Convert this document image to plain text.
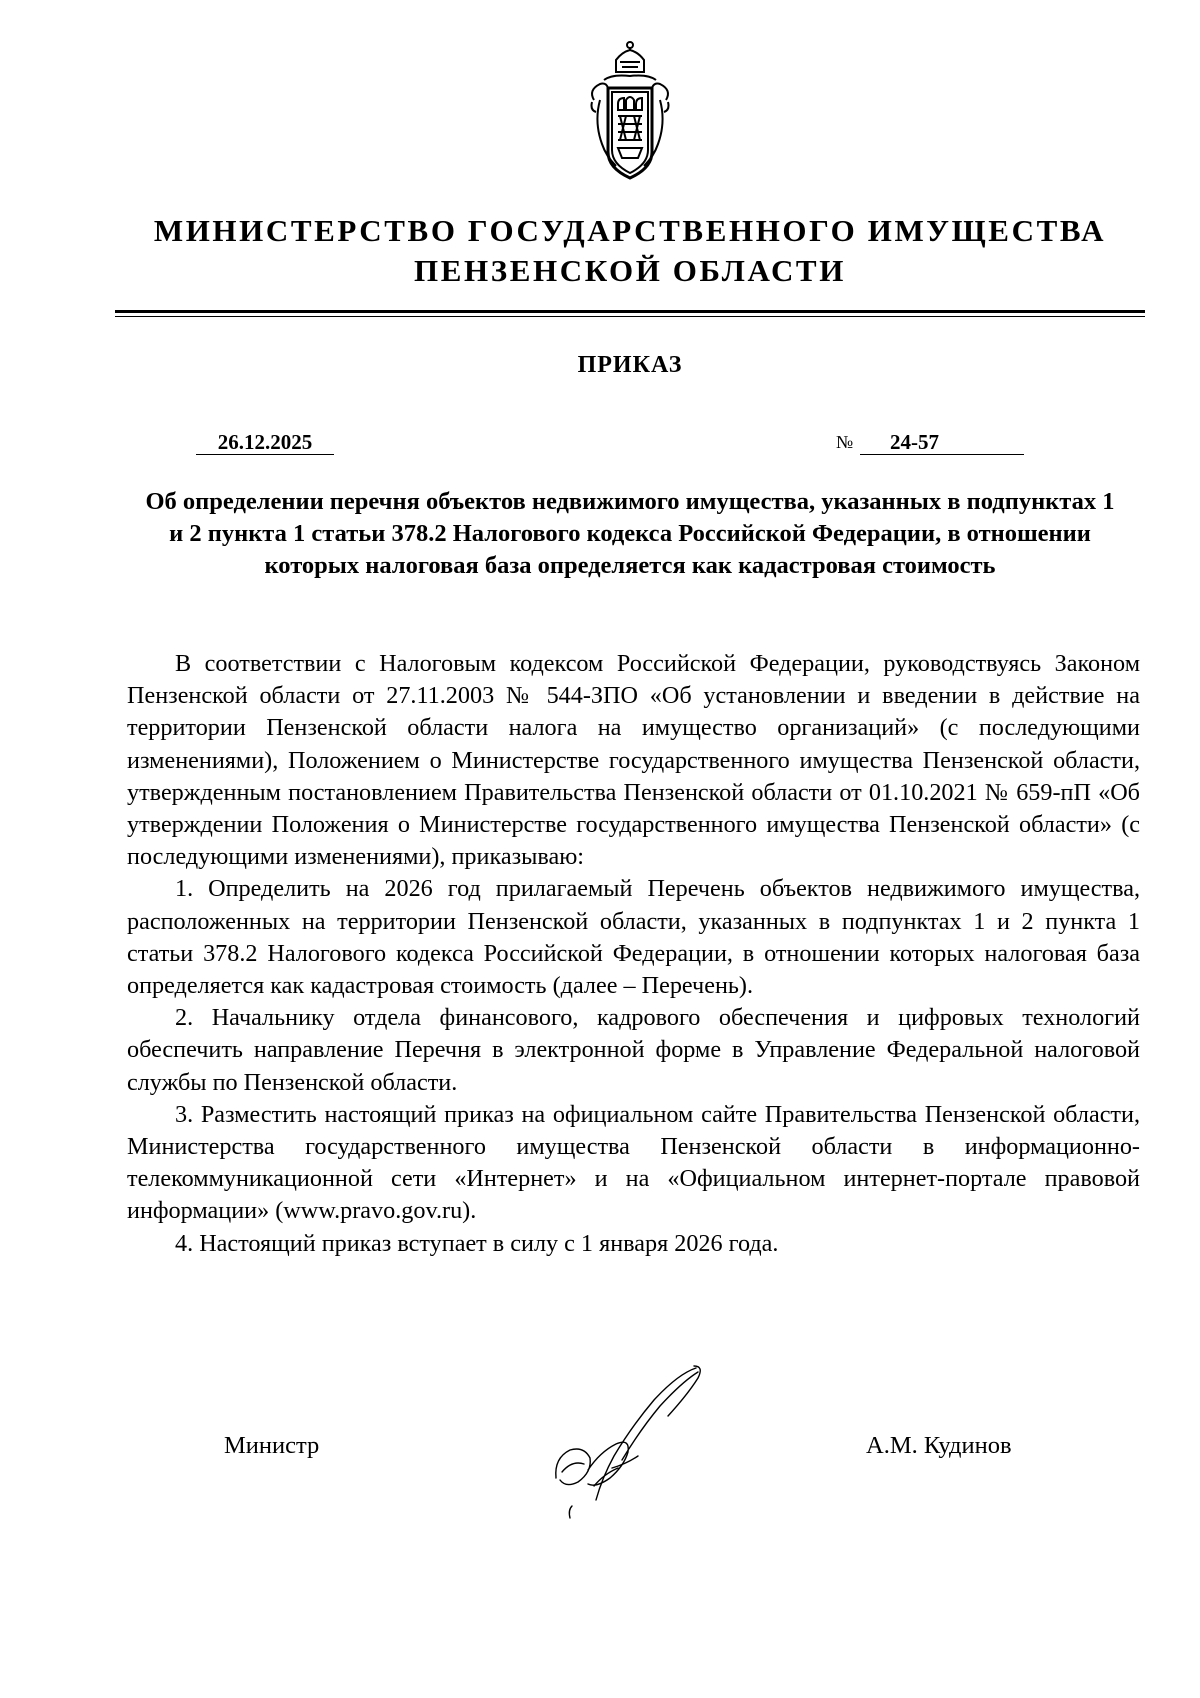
МИНИСТЕРСТВО ГОСУДАРСТВЕННОГО ИМУЩЕСТВА
ПЕНЗЕНСКОЙ ОБЛАСТИ
ПРИКАЗ
26.12.2025	№	24-57
Об определении перечня объектов недвижимого имущества, указанных в подпунктах 1 и 2 пункта 1 статьи 378.2 Налогового кодекса Российской Федерации, в отношении которых налоговая база определяется как кадастровая стоимость

В соответствии с Налоговым кодексом Российской Федерации, руководствуясь Законом Пензенской области от 27.11.2003 № 544-ЗПО «Об установлении и введении в действие на территории Пензенской области налога на имущество организаций» (с последующими изменениями), Положением о Министерстве государственного имущества Пензенской области, утвержденным постановлением Правительства Пензенской области от 01.10.2021 № 659-пП «Об утверждении Положения о Министерстве государственного имущества Пензенской области» (с последующими изменениями), приказываю:

1. Определить на 2026 год прилагаемый Перечень объектов недвижимого имущества, расположенных на территории Пензенской области, указанных в подпунктах 1 и 2 пункта 1 статьи 378.2 Налогового кодекса Российской Федерации, в отношении которых налоговая база определяется как кадастровая стоимость (далее – Перечень).

2. Начальнику отдела финансового, кадрового обеспечения и цифровых технологий обеспечить направление Перечня в электронной форме в Управление Федеральной налоговой службы по Пензенской области.

3. Разместить настоящий приказ на официальном сайте Правительства Пензенской области, Министерства государственного имущества Пензенской области в информационно-телекоммуникационной сети «Интернет» и на «Официальном интернет-портале правовой информации» (www.pravo.gov.ru).

4. Настоящий приказ вступает в силу с 1 января 2026 года.

Министр	А.М. Кудинов
